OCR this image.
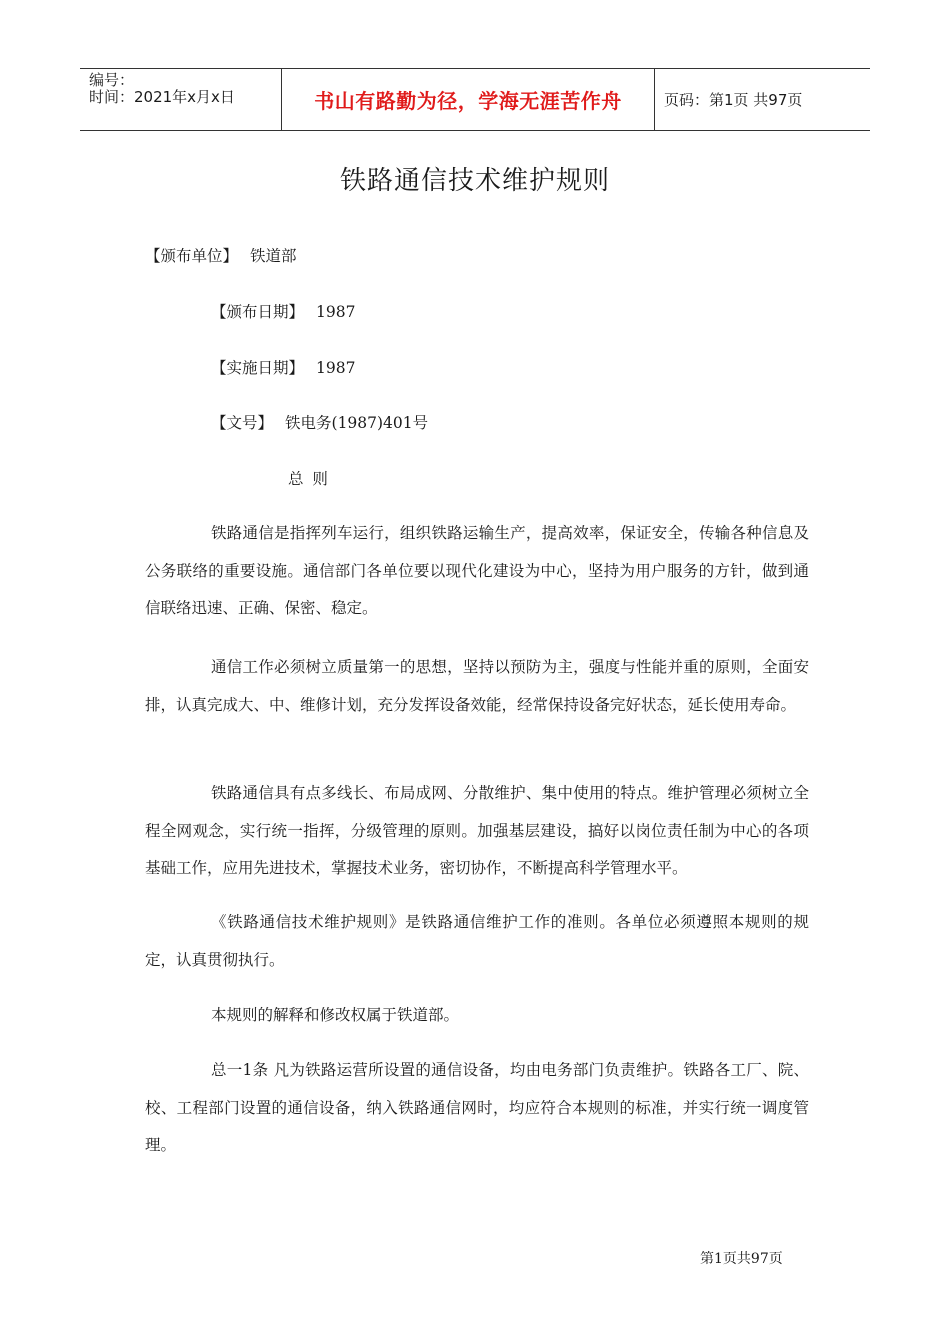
编号：
时间：2021年x月x日	书山有路勤为径，学海无涯苦作舟	页码：第1页 共97页
铁路通信技术维护规则
【颁布单位】 铁道部
【颁布日期】 1987
【实施日期】 1987
【文号】 铁电务(1987)401号
总 则

铁路通信是指挥列车运行，组织铁路运输生产，提高效率，保证安全，传输各种信息及公务联络的重要设施。通信部门各单位要以现代化建设为中心，坚持为用户服务的方针，做到通信联络迅速、正确、保密、稳定。

通信工作必须树立质量第一的思想，坚持以预防为主，强度与性能并重的原则，全面安排，认真完成大、中、维修计划，充分发挥设备效能，经常保持设备完好状态，延长使用寿命。

铁路通信具有点多线长、布局成网、分散维护、集中使用的特点。维护管理必须树立全程全网观念，实行统一指挥，分级管理的原则。加强基层建设，搞好以岗位责任制为中心的各项基础工作，应用先进技术，掌握技术业务，密切协作，不断提高科学管理水平。

《铁路通信技术维护规则》是铁路通信维护工作的准则。各单位必须遵照本规则的规定，认真贯彻执行。

本规则的解释和修改权属于铁道部。

总一1条 凡为铁路运营所设置的通信设备，均由电务部门负责维护。铁路各工厂、院、校、工程部门设置的通信设备，纳入铁路通信网时，均应符合本规则的标准，并实行统一调度管理。

第1页共97页
